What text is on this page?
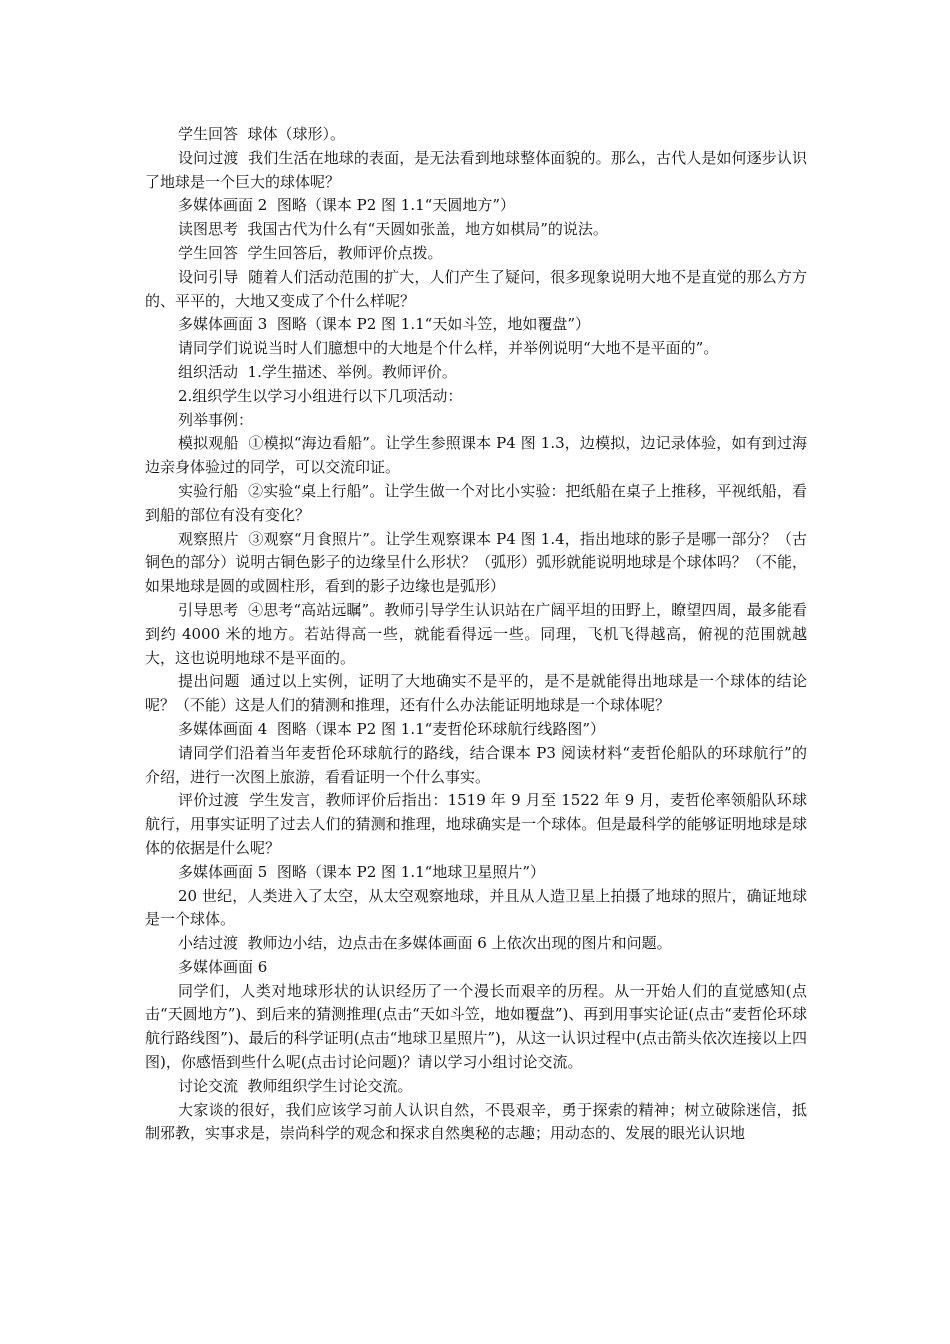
学生回答  球体（球形）。

设问过渡  我们生活在地球的表面，是无法看到地球整体面貌的。那么，古代人是如何逐步认识了地球是一个巨大的球体呢？

多媒体画面 2  图略（课本 P2 图 1.1“天圆地方”）

读图思考  我国古代为什么有“天圆如张盖，地方如棋局”的说法。

学生回答  学生回答后，教师评价点拨。

设问引导  随着人们活动范围的扩大，人们产生了疑问，很多现象说明大地不是直觉的那么方方的、平平的，大地又变成了个什么样呢？

多媒体画面 3  图略（课本 P2 图 1.1“天如斗笠，地如覆盘”）

请同学们说说当时人们臆想中的大地是个什么样，并举例说明“大地不是平面的”。

组织活动  1.学生描述、举例。教师评价。

2.组织学生以学习小组进行以下几项活动：

列举事例：

模拟观船  ①模拟“海边看船”。让学生参照课本 P4 图 1.3，边模拟，边记录体验，如有到过海边亲身体验过的同学，可以交流印证。

实验行船  ②实验“桌上行船”。让学生做一个对比小实验：把纸船在桌子上推移，平视纸船，看到船的部位有没有变化？

观察照片  ③观察“月食照片”。让学生观察课本 P4 图 1.4，指出地球的影子是哪一部分？（古铜色的部分）说明古铜色影子的边缘呈什么形状？（弧形）弧形就能说明地球是个球体吗？（不能，如果地球是圆的或圆柱形，看到的影子边缘也是弧形）

引导思考  ④思考“高站远瞩”。教师引导学生认识站在广阔平坦的田野上，瞭望四周，最多能看到约 4000 米的地方。若站得高一些，就能看得远一些。同理，飞机飞得越高，俯视的范围就越大，这也说明地球不是平面的。

提出问题  通过以上实例，证明了大地确实不是平的，是不是就能得出地球是一个球体的结论呢？（不能）这是人们的猜测和推理，还有什么办法能证明地球是一个球体呢？

多媒体画面 4  图略（课本 P2 图 1.1“麦哲伦环球航行线路图”）

请同学们沿着当年麦哲伦环球航行的路线，结合课本 P3 阅读材料“麦哲伦船队的环球航行”的介绍，进行一次图上旅游，看看证明一个什么事实。

评价过渡  学生发言，教师评价后指出：1519 年 9 月至 1522 年 9 月，麦哲伦率领船队环球航行，用事实证明了过去人们的猜测和推理，地球确实是一个球体。但是最科学的能够证明地球是球体的依据是什么呢？

多媒体画面 5  图略（课本 P2 图 1.1“地球卫星照片”）

20 世纪，人类进入了太空，从太空观察地球，并且从人造卫星上拍摄了地球的照片，确证地球是一个球体。

小结过渡  教师边小结，边点击在多媒体画面 6 上依次出现的图片和问题。

多媒体画面 6

同学们，人类对地球形状的认识经历了一个漫长而艰辛的历程。从一开始人们的直觉感知(点击“天圆地方”)、到后来的猜测推理(点击“天如斗笠，地如覆盘”)、再到用事实论证(点击“麦哲伦环球航行路线图”)、最后的科学证明(点击“地球卫星照片”)，从这一认识过程中(点击箭头依次连接以上四图)，你感悟到些什么呢(点击讨论问题)？请以学习小组讨论交流。

讨论交流  教师组织学生讨论交流。

大家谈的很好，我们应该学习前人认识自然，不畏艰辛，勇于探索的精神；树立破除迷信，抵制邪教，实事求是，崇尚科学的观念和探求自然奥秘的志趣；用动态的、发展的眼光认识地
